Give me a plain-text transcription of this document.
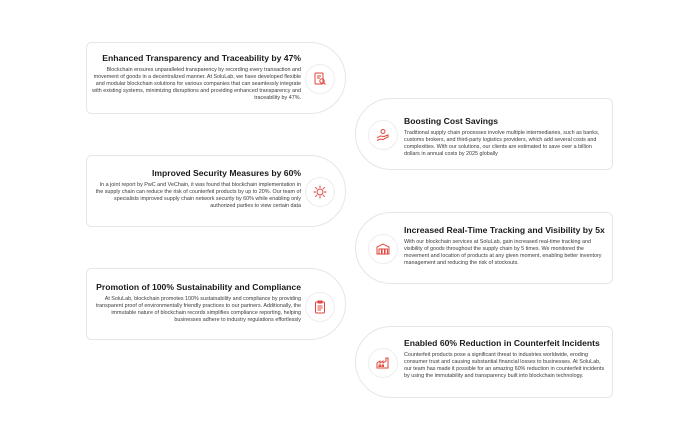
Enhanced Transparency and Traceability by 47%
Blockchain ensures unparalleled transparency by recording every transaction and movement of goods in a decentralized manner. At SoluLab, we have developed flexible and modular blockchain solutions for various companies that can seamlessly integrate with existing systems, minimizing disruptions and providing enhanced transparency and traceability by 47%.
Boosting Cost Savings
Traditional supply chain processes involve multiple intermediaries, such as banks, customs brokers, and third-party logistics providers, which add several costs and complexities. With our solutions, our clients are estimated to save over a billion dollars in annual costs by 2025 globally
Improved Security Measures by 60%
In a joint report by PwC and VeChain, it was found that blockchain implementation in the supply chain can reduce the risk of counterfeit products by up to 20%. Our team of specialists improved supply chain network security by 60% while enabling only authorized parties to view certain data
Increased Real-Time Tracking and Visibility by 5x
With our blockchain services at SoluLab, gain increased real-time tracking and visibility of goods throughout the supply chain by 5 times. We monitored the movement and location of products at any given moment, enabling better inventory management and reducing the risk of stockouts.
Promotion of 100% Sustainability and Compliance
At SoluLab, blockchain promotes 100% sustainability and compliance by providing transparent proof of environmentally friendly practices to our partners. Additionally, the immutable nature of blockchain records simplifies compliance reporting, helping businesses adhere to industry regulations effortlessly
Enabled 60% Reduction in Counterfeit Incidents
Counterfeit products pose a significant threat to industries worldwide, eroding consumer trust and causing substantial financial losses to businesses. At SoluLab, our team has made it possible for an amazing 60% reduction in counterfeit incidents by using the immutability and transparency built into blockchain technology.
